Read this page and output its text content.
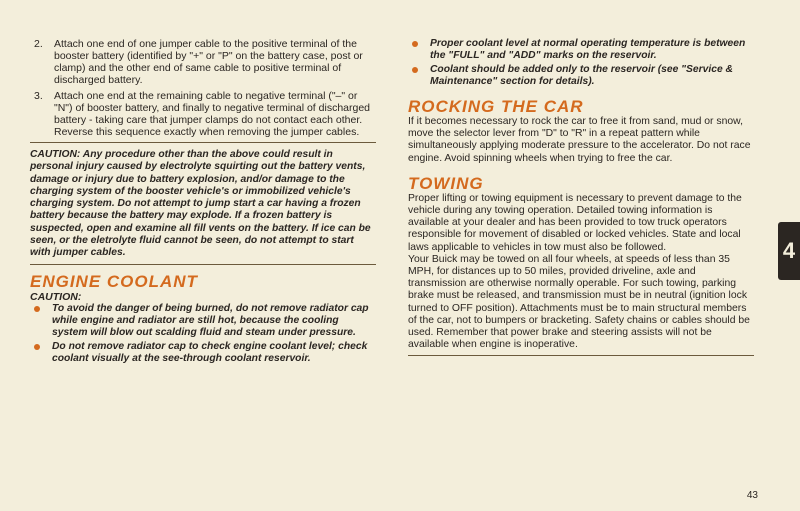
2. Attach one end of one jumper cable to the positive terminal of the booster battery (identified by "+" or "P" on the battery case, post or clamp) and the other end of same cable to positive terminal of discharged battery.
3. Attach one end at the remaining cable to negative terminal ("–" or "N") of booster battery, and finally to negative terminal of discharged battery - taking care that jumper clamps do not contact each other. Reverse this sequence exactly when removing the jumper cables.

CAUTION: Any procedure other than the above could result in personal injury caused by electrolyte squirting out the battery vents, damage or injury due to battery explosion, and/or damage to the charging system of the booster vehicle's or immobilized vehicle's charging system. Do not attempt to jump start a car having a frozen battery because the battery may explode. If a frozen battery is suspected, open and examine all fill vents on the battery. If ice can be seen, or the eletrolyte fluid cannot be seen, do not attempt to start with jumper cables.

ENGINE COOLANT
CAUTION:
To avoid the danger of being burned, do not remove radiator cap while engine and radiator are still hot, because the cooling system will blow out scalding fluid and steam under pressure.
Do not remove radiator cap to check engine coolant level; check coolant visually at the see-through coolant reservoir.
Proper coolant level at normal operating temperature is between the "FULL" and "ADD" marks on the reservoir.
Coolant should be added only to the reservoir (see "Service & Maintenance" section for details).
ROCKING THE CAR

If it becomes necessary to rock the car to free it from sand, mud or snow, move the selector lever from "D" to "R" in a repeat pattern while simultaneously applying moderate pressure to the accelerator. Do not race engine. Avoid spinning wheels when trying to free the car.

TOWING

Proper lifting or towing equipment is necessary to prevent damage to the vehicle during any towing operation. Detailed towing information is available at your dealer and has been provided to tow truck operators responsible for movement of disabled or locked vehicles. State and local laws applicable to vehicles in tow must also be followed.

Your Buick may be towed on all four wheels, at speeds of less than 35 MPH, for distances up to 50 miles, provided driveline, axle and transmission are otherwise normally operable. For such towing, parking brake must be released, and transmission must be in neutral (ignition lock turned to OFF position). Attachments must be to main structural members of the car, not to bumpers or bracketing. Safety chains or cables should be used. Remember that power brake and steering assists will not be available when engine is inoperative.

4
43
